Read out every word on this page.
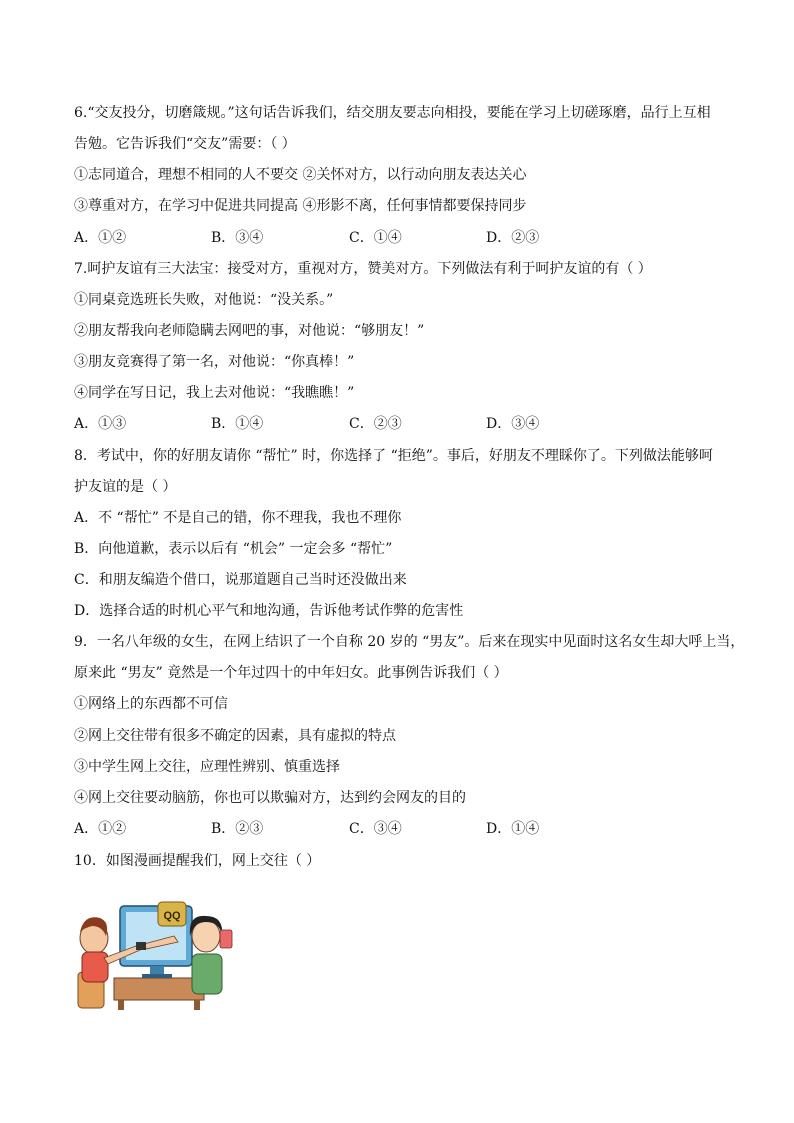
6.“交友投分，切磨箴规。”这句话告诉我们，结交朋友要志向相投，要能在学习上切磋琢磨，品行上互相
告勉。它告诉我们“交友”需要：（ ）
①志同道合，理想不相同的人不要交 ②关怀对方，以行动向朋友表达关心
③尊重对方，在学习中促进共同提高 ④形影不离，任何事情都要保持同步
A．①②	B．③④	C．①④	D．②③
7.呵护友谊有三大法宝：接受对方，重视对方，赞美对方。下列做法有利于呵护友谊的有（ ）
①同桌竞选班长失败，对他说：“没关系。”
②朋友帮我向老师隐瞒去网吧的事，对他说：“够朋友！”
③朋友竞赛得了第一名，对他说：“你真棒！”
④同学在写日记，我上去对他说：“我瞧瞧！”
A．①③	B．①④	C．②③	D．③④
8．考试中，你的好朋友请你 “帮忙” 时，你选择了 “拒绝”。事后，好朋友不理睬你了。下列做法能够呵
护友谊的是（ ）
A．不 “帮忙” 不是自己的错，你不理我，我也不理你
B．向他道歉，表示以后有 “机会” 一定会多 “帮忙”
C．和朋友编造个借口，说那道题自己当时还没做出来
D．选择合适的时机心平气和地沟通，告诉他考试作弊的危害性
9．一名八年级的女生，在网上结识了一个自称 20 岁的 “男友”。后来在现实中见面时这名女生却大呼上当，
原来此 “男友” 竟然是一个年过四十的中年妇女。此事例告诉我们（ ）
①网络上的东西都不可信
②网上交往带有很多不确定的因素，具有虚拟的特点
③中学生网上交往，应理性辨别、慎重选择
④网上交往要动脑筋，你也可以欺骗对方，达到约会网友的目的
A．①②	B．②③	C．③④	D．①④
10．如图漫画提醒我们，网上交往（ ）
QQ
